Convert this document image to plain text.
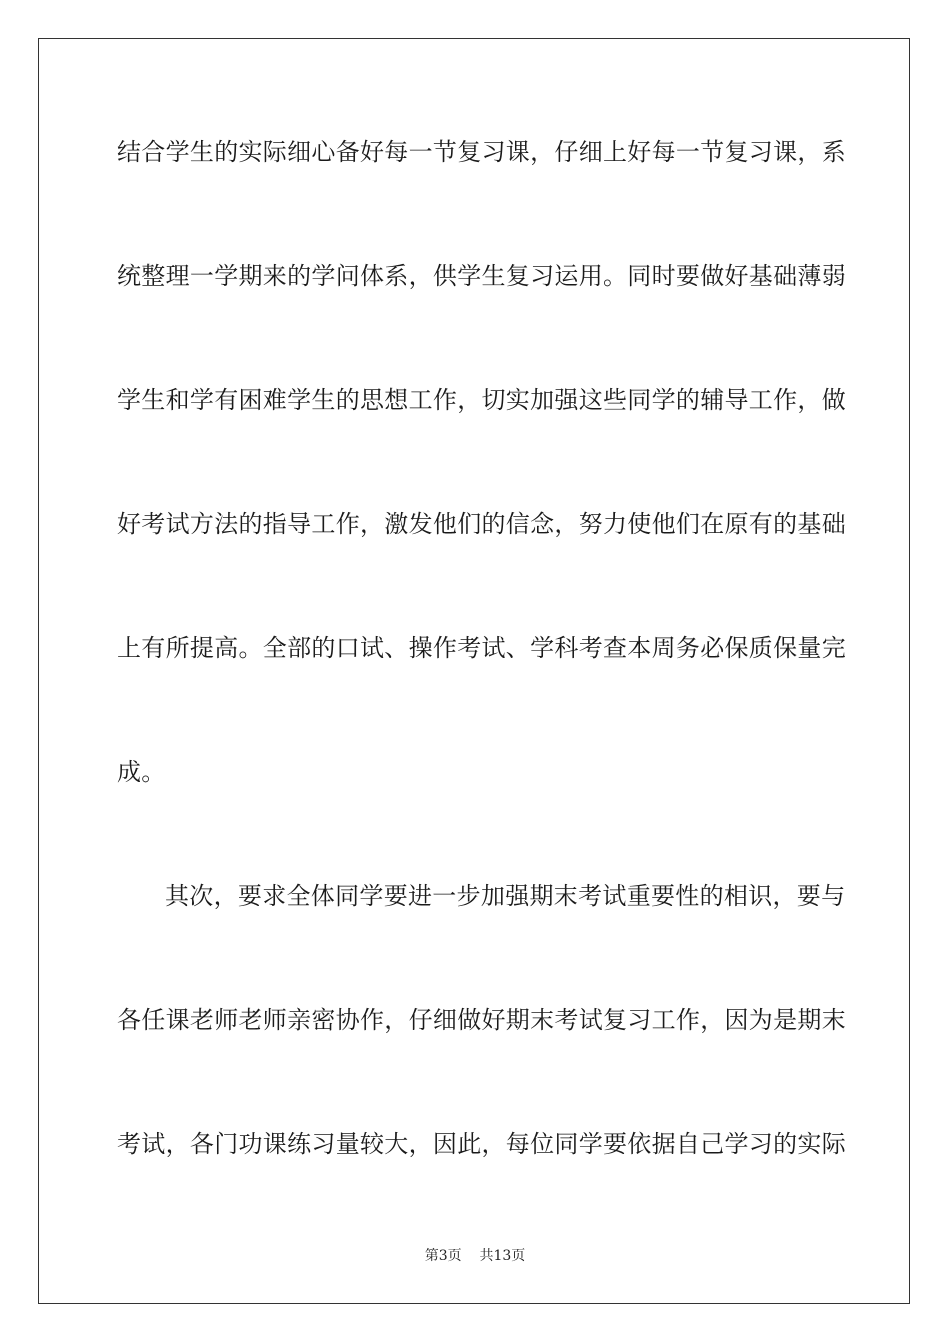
结合学生的实际细心备好每一节复习课，仔细上好每一节复习课，系
统整理一学期来的学问体系，供学生复习运用。同时要做好基础薄弱
学生和学有困难学生的思想工作，切实加强这些同学的辅导工作，做
好考试方法的指导工作，激发他们的信念，努力使他们在原有的基础
上有所提高。全部的口试、操作考试、学科考查本周务必保质保量完
成。
其次，要求全体同学要进一步加强期末考试重要性的相识，要与
各任课老师老师亲密协作，仔细做好期末考试复习工作，因为是期末
考试，各门功课练习量较大，因此，每位同学要依据自己学习的实际
第3页 共13页
